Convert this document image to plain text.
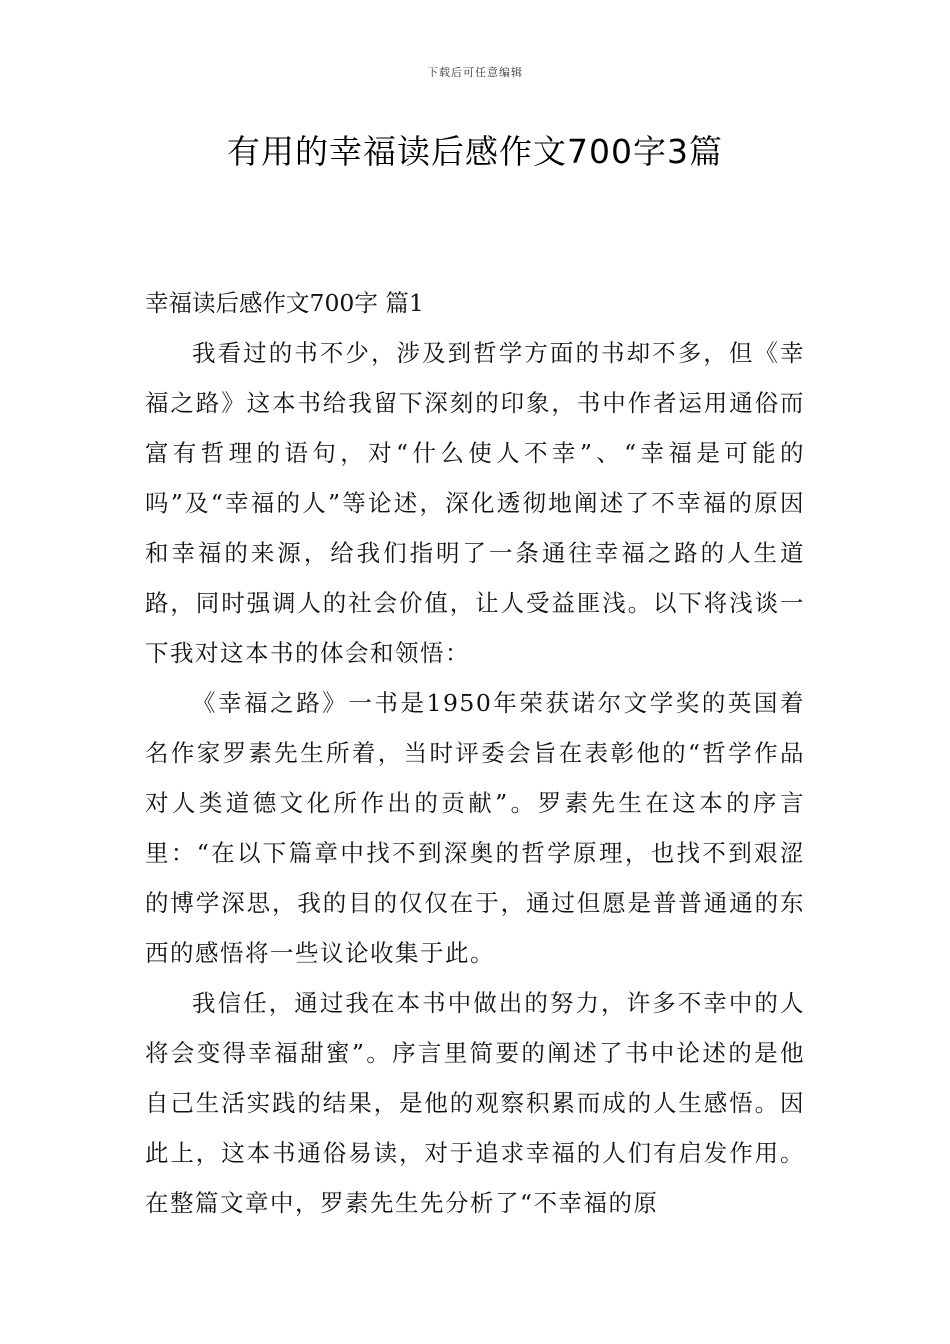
下载后可任意编辑
有用的幸福读后感作文700字3篇
幸福读后感作文700字 篇1

我看过的书不少，涉及到哲学方面的书却不多，但《幸福之路》这本书给我留下深刻的印象，书中作者运用通俗而富有哲理的语句，对“什么使人不幸”、“幸福是可能的吗”及“幸福的人”等论述，深化透彻地阐述了不幸福的原因和幸福的来源，给我们指明了一条通往幸福之路的人生道路，同时强调人的社会价值，让人受益匪浅。以下将浅谈一下我对这本书的体会和领悟：

《幸福之路》一书是1950年荣获诺尔文学奖的英国着名作家罗素先生所着，当时评委会旨在表彰他的“哲学作品对人类道德文化所作出的贡献”。罗素先生在这本的序言里：“在以下篇章中找不到深奥的哲学原理，也找不到艰涩的博学深思，我的目的仅仅在于，通过但愿是普普通通的东西的感悟将一些议论收集于此。

我信任，通过我在本书中做出的努力，许多不幸中的人将会变得幸福甜蜜”。序言里简要的阐述了书中论述的是他自己生活实践的结果，是他的观察积累而成的人生感悟。因此上，这本书通俗易读，对于追求幸福的人们有启发作用。在整篇文章中，罗素先生先分析了“不幸福的原
